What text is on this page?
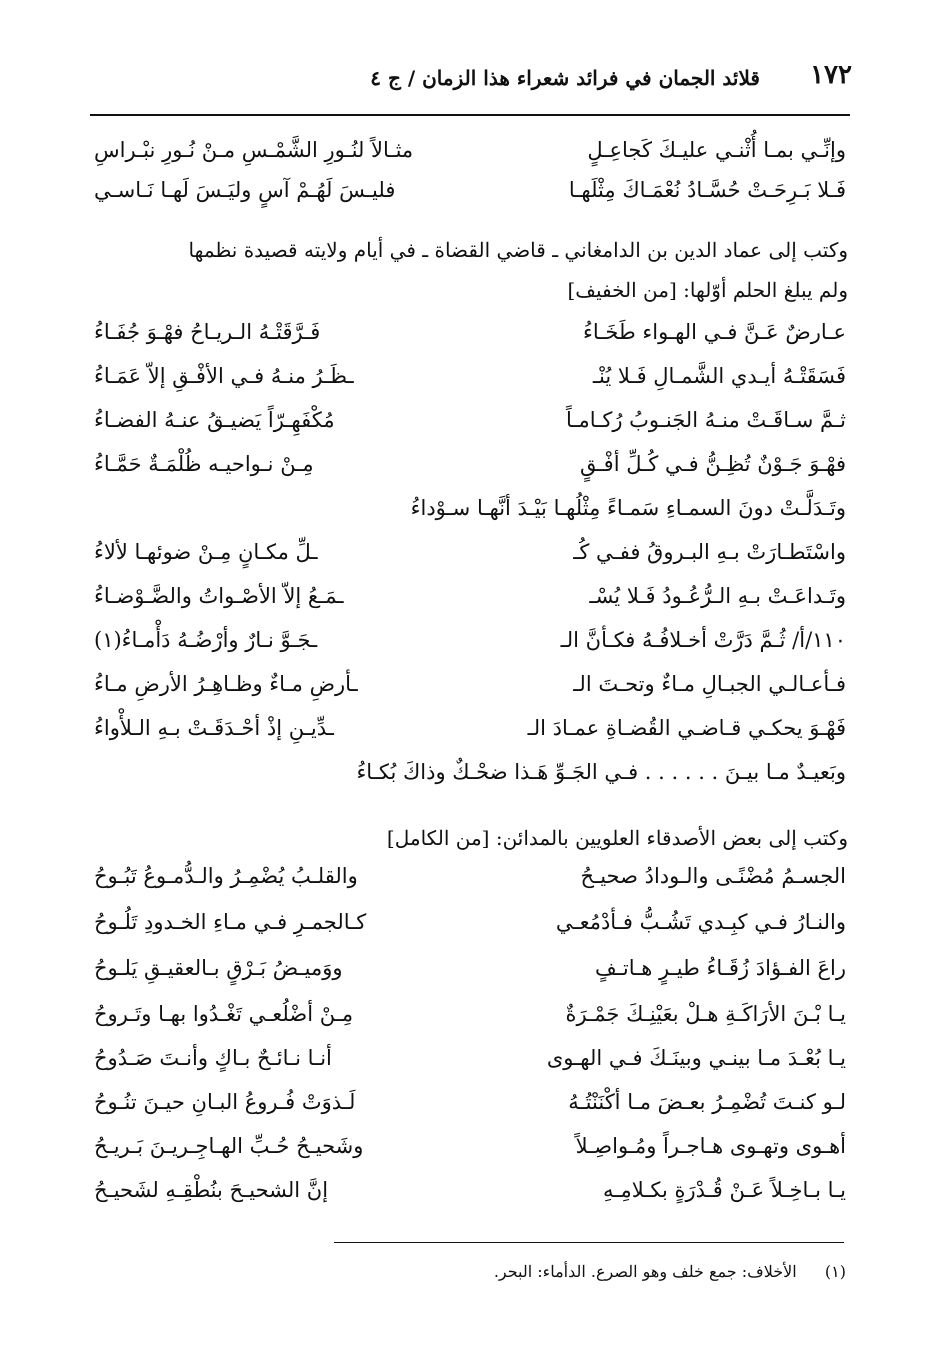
١٧٢
قلائد الجمان في فرائد شعراء هذا الزمان / ج ٤
وإنِّـي بمـا أُثْنـي عليـكَ كَجاعِـلٍ
مثـالاً لنُـورِ الشَّمْـسِ مـنْ نُـورِ نبْـراسِ
فَـلا بَـرِحَـتْ حُسَّـادُ نُعْمَـاكَ مِثْلَهـا
فليـسَ لَهُـمْ آسٍ وليَـسَ لَهـا نَـاسـي
وكتب إلى عماد الدين بن الدامغاني ـ قاضي القضاة ـ في أيام ولايته قصيدة نظمها
ولم يبلغ الحلم أوّلها: [من الخفيف]
عـارضٌ عَـنَّ فـي الهـواء طَخَـاءُ
فَـرَّقَتْـهُ الـريـاحُ فهْـوَ جُفَـاءُ
فَسَقَتْـهُ أيـدي الشَّمـالِ فَـلا يُنْـ
ـظَـرُ منـهُ فـي الأفْـقِ إلاّ عَمَـاءُ
ثـمَّ سـاقَـتْ منـهُ الجَنـوبُ رُكـامـاً
مُكْفَهِـرّاً يَضيـقُ عنـهُ الفضـاءُ
فهْـوَ جَـوْنٌ تُظِـنُّ فـي كُـلِّ أفْـقٍ
مِـنْ نـواحيـه ظُلْمَـةٌ حَمَّـاءُ
وتَـدَلَّـتْ دونَ السمـاءِ سَمـاءً مِثْلُهـا بَيْـدَ أنَّهـا سـوْداءُ
واسْتَطـارَتْ بـهِ البـروقُ ففـي كُـ
ـلِّ مكـانٍ مِـنْ ضوئهـا لألاءُ
وتَـداعَـتْ بـهِ الـرُّعُـودُ فَـلا يُسْـ
ـمَـعُ إلاّ الأصْـواتُ والضَّـوْضـاءُ
١١٠/أ/ ثُـمَّ دَرَّتْ أخـلافُـهُ فكـأنَّ الـ
ـجَـوَّ نـارٌ وأرْضُـهُ دَأْمـاءُ(١)
فـأعـالـي الجبـالِ مـاءٌ وتحـتَ الـ
ـأرضِ مـاءٌ وظـاهِـرُ الأرضِ مـاءُ
فَهْـوَ يحكـي قـاضـي القُضـاةِ عمـادَ الـ
ـدِّيـنِ إذْ أحْـدَقَـتْ بـهِ الـلأْواءُ
وبَعيـدٌ مـا بيـنَ . . . . . . فـي الجَـوِّ هَـذا ضحْـكٌ وذاكَ بُكـاءُ
وكتب إلى بعض الأصدقاء العلويين بالمدائن: [من الكامل]
الجسـمُ مُضْنًـى والـودادُ صحيـحُ
والقلـبُ يُضْمِـرُ والـدُّمـوعُ تَبُـوحُ
والنـارُ فـي كبِـدي تَشُـبُّ فـأدْمُعـي
كـالجمـرِ فـي مـاءِ الخـدودِ تَلُـوحُ
راعَ الفـؤادَ زُقَـاءُ طيـرٍ هـاتـفٍ
ووَميـضُ بَـرْقٍ بـالعقيـقِ يَلـوحُ
يـا بْـنَ الأرَاكَـةِ هـلْ بعَيْنِـكَ جَمْـرَةٌ
مِـنْ أضْلُعـي تَغْـدُوا بهـا وتَـروحُ
يـا بُعْـدَ مـا بينـي وبينَـكَ فـي الهـوى
أنـا نـائـحٌ بـاكٍ وأنـتَ صَـدُوحُ
لـو كنـتَ تُضْمِـرُ بعـضَ مـا أكْنَنْتُـهُ
لَـذوَتْ فُـروعُ البـانِ حيـنَ تنُـوحُ
أهـوى وتهـوى هـاجـراً ومُـواصِـلاً
وشَحيـحُ حُـبِّ الهـاجِـريـنَ بَـريـحُ
يـا بـاخِـلاً عَـنْ قُـدْرَةٍ بكـلامِـهِ
إنَّ الشحيـحَ بنُطْقِـهِ لشَحيـحُ
(١)  الأخلاف: جمع خلف وهو الصرع. الدأماء: البحر.
